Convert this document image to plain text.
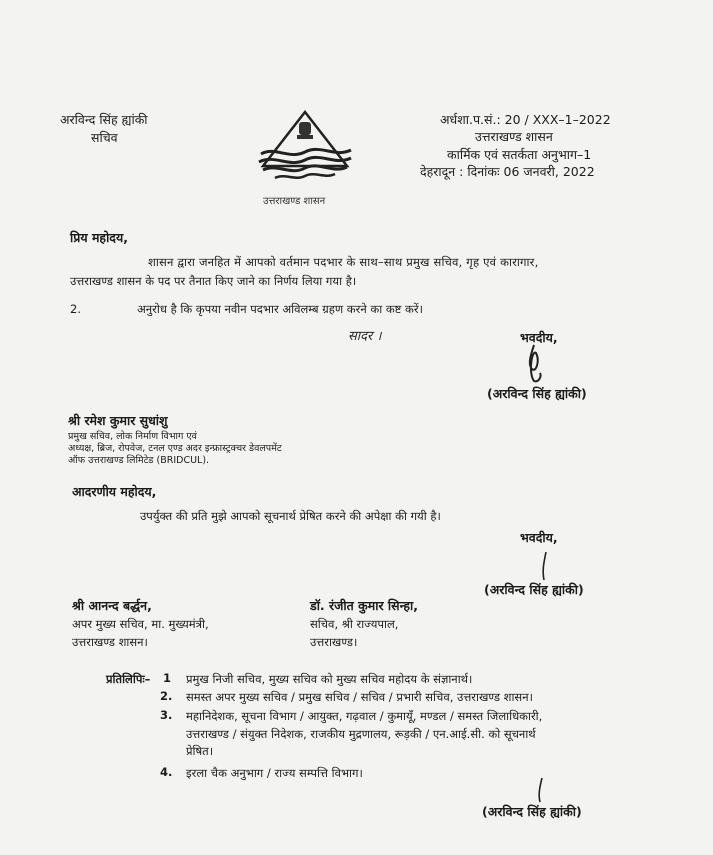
अरविन्द सिंह ह्यांकी
सचिव
उत्तराखण्ड शासन
अर्धशा.प.सं.: 20 / XXX–1–2022
उत्तराखण्ड शासन
कार्मिक एवं सतर्कता अनुभाग–1
देहरादून : दिनांकः 06 जनवरी, 2022
प्रिय महोदय,
शासन द्वारा जनहित में आपको वर्तमान पदभार के साथ–साथ प्रमुख सचिव, गृह एवं कारागार,
उत्तराखण्ड शासन के पद पर तैनात किए जाने का निर्णय लिया गया है।
2.	अनुरोध है कि कृपया नवीन पदभार अविलम्ब ग्रहण करने का कष्ट करें।
सादर ।	भवदीय,
(अरविन्द सिंह ह्यांकी)
श्री रमेश कुमार सुधांशु
प्रमुख सचिव, लोक निर्माण विभाग एवं
अध्यक्ष, ब्रिज, रोपवेज, टनल एण्ड अदर इन्फ्रास्ट्रक्चर डेवलपमेंट
ऑफ उत्तराखण्ड लिमिटेड (BRIDCUL).
आदरणीय महोदय,
उपर्युक्त की प्रति मुझे आपको सूचनार्थ प्रेषित करने की अपेक्षा की गयी है।
भवदीय,
(अरविन्द सिंह ह्यांकी)
श्री आनन्द बर्द्धन,
अपर मुख्य सचिव, मा. मुख्यमंत्री,
उत्तराखण्ड शासन।
डॉ. रंजीत कुमार सिन्हा,
सचिव, श्री राज्यपाल,
उत्तराखण्ड।
प्रतिलिपिः– 1 प्रमुख निजी सचिव, मुख्य सचिव को मुख्य सचिव महोदय के संज्ञानार्थ।
2. समस्त अपर मुख्य सचिव / प्रमुख सचिव / सचिव / प्रभारी सचिव, उत्तराखण्ड शासन।
3. महानिदेशक, सूचना विभाग / आयुक्त, गढ़वाल / कुमायूँ, मण्डल / समस्त जिलाधिकारी,
उत्तराखण्ड / संयुक्त निदेशक, राजकीय मुद्रणालय, रूड़की / एन.आई.सी. को सूचनार्थ
प्रेषित।
4. इरला चैक अनुभाग / राज्य सम्पत्ति विभाग।
(अरविन्द सिंह ह्यांकी)
